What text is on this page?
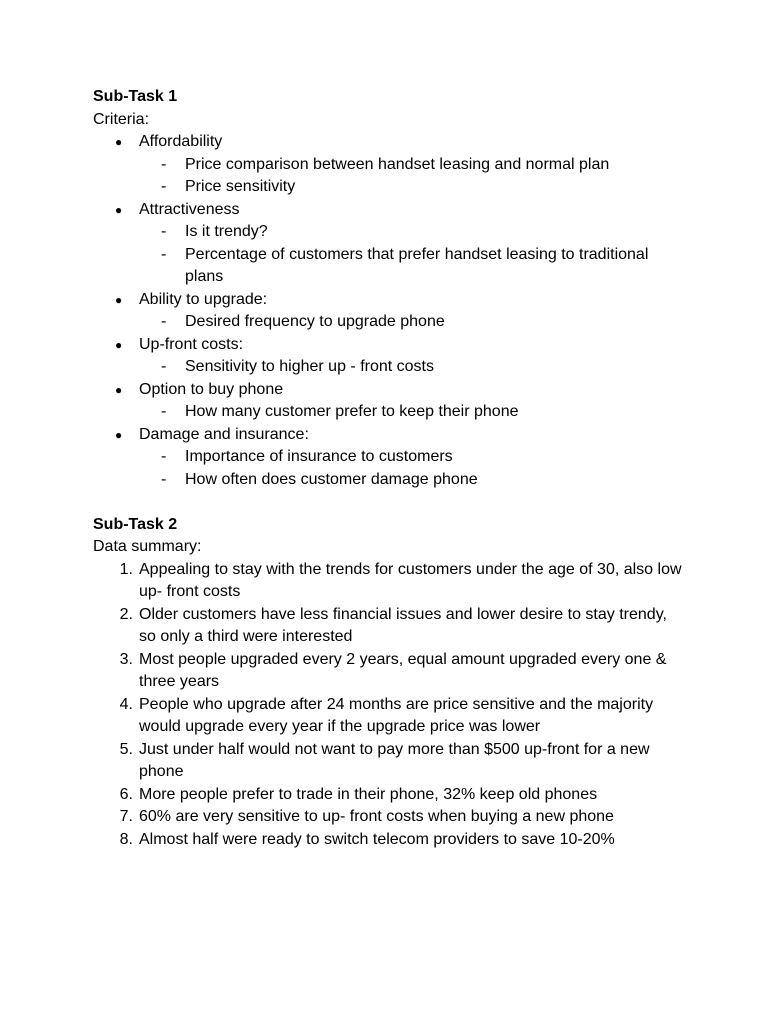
Sub-Task 1

Criteria:

● Affordability
- Price comparison between handset leasing and normal plan
- Price sensitivity
● Attractiveness
- Is it trendy?
- Percentage of customers that prefer handset leasing to traditional plans
● Ability to upgrade:
- Desired frequency to upgrade phone
● Up-front costs:
- Sensitivity to higher up - front costs
● Option to buy phone
- How many customer prefer to keep their phone
● Damage and insurance:
- Importance of insurance to customers
- How often does customer damage phone

Sub-Task 2

Data summary:

1. Appealing to stay with the trends for customers under the age of 30, also low up- front costs
2. Older customers have less financial issues and lower desire to stay trendy, so only a third were interested
3. Most people upgraded every 2 years, equal amount upgraded every one & three years
4. People who upgrade after 24 months are price sensitive and the majority would upgrade every year if the upgrade price was lower
5. Just under half would not want to pay more than $500 up-front for a new phone
6. More people prefer to trade in their phone, 32% keep old phones
7. 60% are very sensitive to up- front costs when buying a new phone
8. Almost half were ready to switch telecom providers to save 10-20%
